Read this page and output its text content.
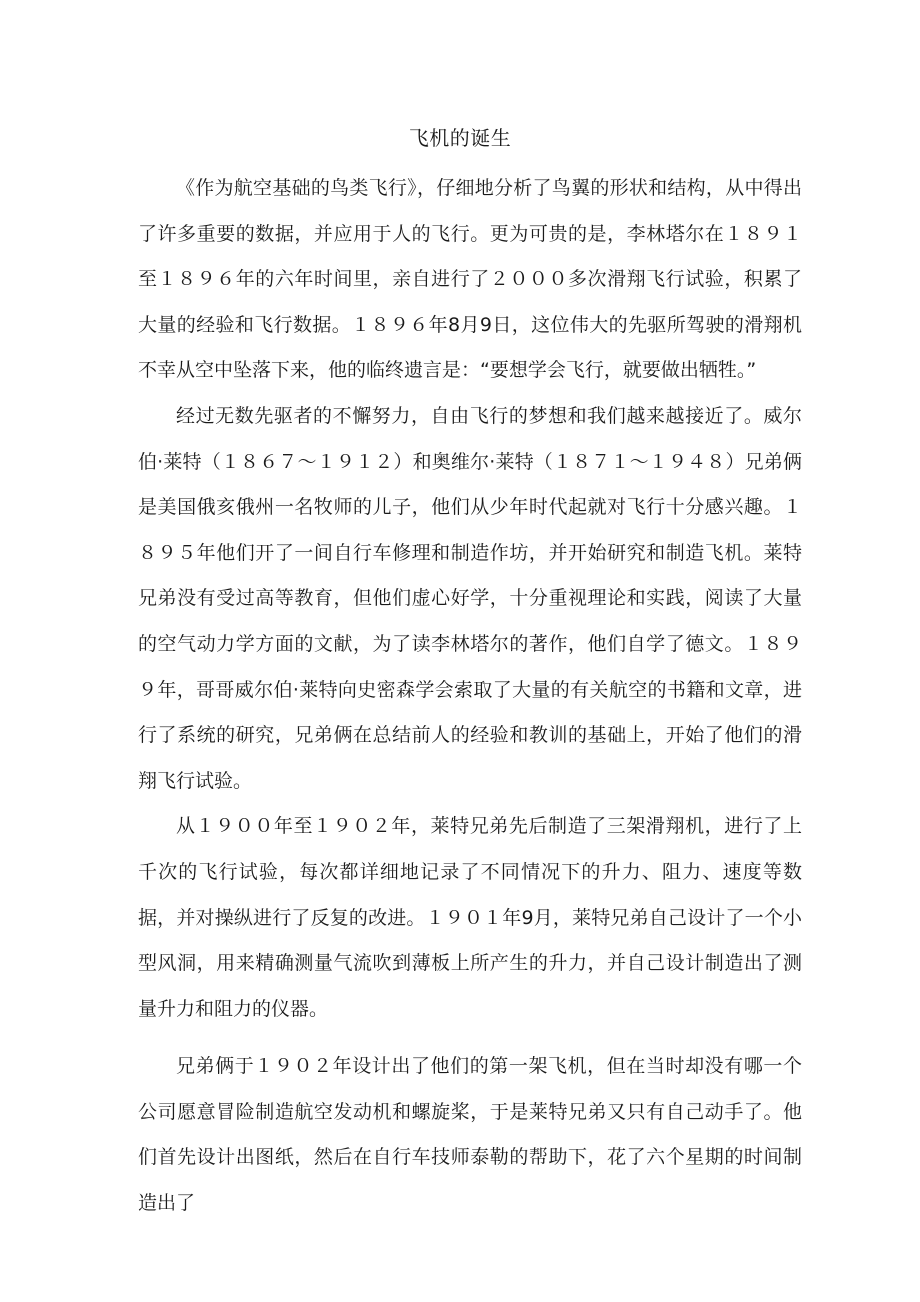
飞机的诞生

《作为航空基础的鸟类飞行》，仔细地分析了鸟翼的形状和结构，从中得出了许多重要的数据，并应用于人的飞行。更为可贵的是，李林塔尔在１８９１至１８９６年的六年时间里，亲自进行了２０００多次滑翔飞行试验，积累了大量的经验和飞行数据。１８９６年8月9日，这位伟大的先驱所驾驶的滑翔机不幸从空中坠落下来，他的临终遗言是：“要想学会飞行，就要做出牺牲。”

经过无数先驱者的不懈努力，自由飞行的梦想和我们越来越接近了。威尔伯·莱特（１８６７～１９１２）和奥维尔·莱特（１８７１～１９４８）兄弟俩是美国俄亥俄州一名牧师的儿子，他们从少年时代起就对飞行十分感兴趣。１８９５年他们开了一间自行车修理和制造作坊，并开始研究和制造飞机。莱特兄弟没有受过高等教育，但他们虚心好学，十分重视理论和实践，阅读了大量的空气动力学方面的文献，为了读李林塔尔的著作，他们自学了德文。１８９９年，哥哥威尔伯·莱特向史密森学会索取了大量的有关航空的书籍和文章，进行了系统的研究，兄弟俩在总结前人的经验和教训的基础上，开始了他们的滑翔飞行试验。

从１９００年至１９０２年，莱特兄弟先后制造了三架滑翔机，进行了上千次的飞行试验，每次都详细地记录了不同情况下的升力、阻力、速度等数据，并对操纵进行了反复的改进。１９０１年9月，莱特兄弟自己设计了一个小型风洞，用来精确测量气流吹到薄板上所产生的升力，并自己设计制造出了测量升力和阻力的仪器。

兄弟俩于１９０２年设计出了他们的第一架飞机，但在当时却没有哪一个公司愿意冒险制造航空发动机和螺旋桨，于是莱特兄弟又只有自己动手了。他们首先设计出图纸，然后在自行车技师泰勒的帮助下，花了六个星期的时间制造出了
